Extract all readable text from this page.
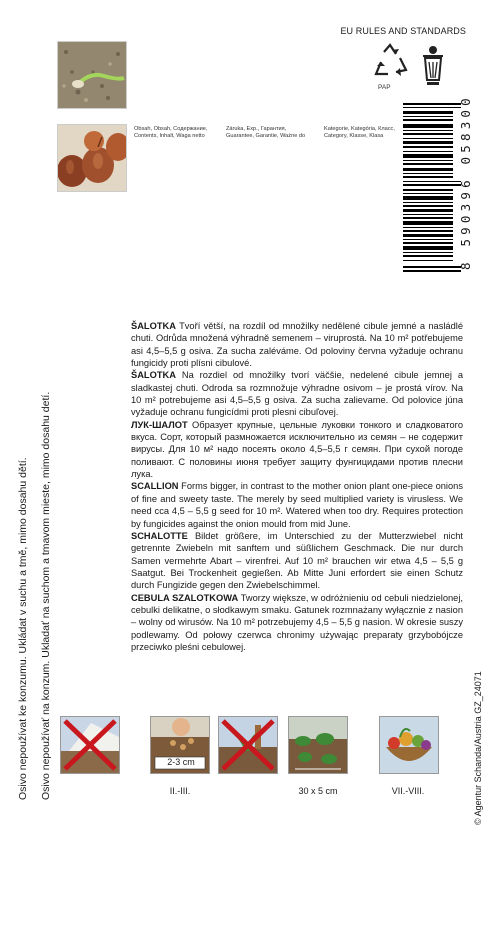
Osivo nepoužívat ke konzumu. Ukládat v suchu a tmě, mimo dosahu dětí. Osivo nepoužívať na konzum. Ukladať na suchom a tmavom mieste, mimo dosahu detí.
EU RULES AND STANDARDS
PAP
Obsah, Obsah, Содержание,
Contents, Inhalt, Waga netto
Záruka, Exp., Гарантия,
Guarantee, Garantie, Ważne do
Kategorie, Kategória, Класс,
Category, Klasse, Klasa	8 590396 058300

ŠALOTKA Tvoří větší, na rozdíl od množilky nedělené cibule jemné a nasládlé chuti. Odrůda množená výhradně semenem – viruprostá. Na 10 m² potřebujeme asi 4,5–5,5 g osiva. Za sucha zaléváme. Od poloviny června vyžaduje ochranu fungicidy proti plísni cibulové.

ŠALOTKA Na rozdiel od množilky tvorí väčšie, nedelené cibule jemnej a sladkastej chuti. Odroda sa rozmnožuje výhradne osivom – je prostá vírov. Na 10 m² potrebujeme asi 4,5–5,5 g osiva. Za sucha zalievame. Od polovice júna vyžaduje ochranu fungicídmi proti plesni cibuľovej.

ЛУК-ШАЛОТ Образует крупные, цельные луковки тонкого и сладковатого вкуса. Сорт, который размножается исключительно из семян – не содержит вирусы. Для 10 м² надо посеять около 4,5–5,5 г семян. При сухой погоде поливают. С половины июня требует защиту фунгицидами против плесни лука.

SCALLION Forms bigger, in contrast to the mother onion plant one-piece onions of fine and sweety taste. The merely by seed multiplied variety is virusless. We need cca 4,5 – 5,5 g seed for 10 m². Watered when too dry. Requires protection by fungicides against the onion mould from mid June.

SCHALOTTE Bildet größere, im Unterschied zu der Mutterzwiebel nicht getrennte Zwiebeln mit sanftem und süßlichem Geschmack. Die nur durch Samen vermehrte Abart – virenfrei. Auf 10 m² brauchen wir etwa 4,5 – 5,5 g Saatgut. Bei Trockenheit gegießen. Ab Mitte Juni erfordert sie einen Schutz durch Fungizide gegen den Zwiebelschimmel.

CEBULA SZALOTKOWA Tworzy większe, w odróżnieniu od cebuli niedzielonej, cebulki delikatne, o słodkawym smaku. Gatunek rozmnażany wyłącznie z nasion – wolny od wirusów. Na 10 m² potrzebujemy 4,5 – 5,5 g nasion. W okresie suszy podlewamy. Od połowy czerwca chronimy używając preparaty grzybobójcze przeciwko pleśni cebulowej.

© Agentur Schanda/Austria GZ_24071
2-3 cm
II.-III.	30 x 5 cm	VII.-VIII.
